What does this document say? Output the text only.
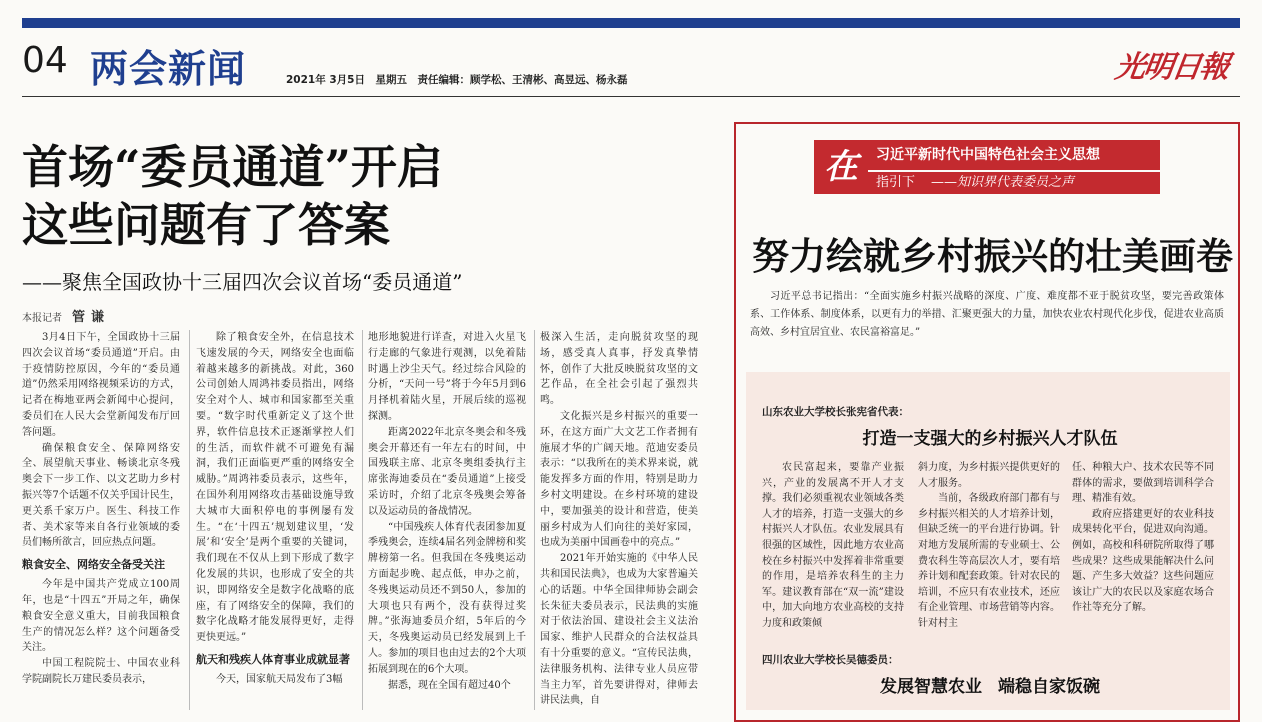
04 两会新闻	2021年 3月5日　星期五　责任编辑：顾学松、王清彬、高昱远、杨永磊	光明日報
首场“委员通道”开启
这些问题有了答案
——聚焦全国政协十三届四次会议首场“委员通道”
本报记者 管谦

3月4日下午，全国政协十三届四次会议首场“委员通道”开启。由于疫情防控原因，今年的“委员通道”仍然采用网络视频采访的方式，记者在梅地亚两会新闻中心提问，委员们在人民大会堂新闻发布厅回答问题。

确保粮食安全、保障网络安全、展望航天事业、畅谈北京冬残奥会下一步工作、以文艺助力乡村振兴等7个话题不仅关乎国计民生，更关系千家万户。医生、科技工作者、美术家等来自各行业领域的委员们畅所欲言，回应热点问题。

粮食安全、网络安全备受关注

今年是中国共产党成立100周年，也是“十四五”开局之年，确保粮食安全意义重大，目前我国粮食生产的情况怎么样？这个问题备受关注。

中国工程院院士、中国农业科学院副院长万建民委员表示，

除了粮食安全外，在信息技术飞速发展的今天，网络安全也面临着越来越多的新挑战。对此，360公司创始人周鸿祎委员指出，网络安全对个人、城市和国家都至关重要。“数字时代重新定义了这个世界，软件信息技术正逐渐掌控人们的生活，而软件就不可避免有漏洞，我们正面临更严重的网络安全威胁。”周鸿祎委员表示，这些年，在国外利用网络攻击基础设施导致大城市大面积停电的事例屡有发生。“在‘十四五’规划建议里，‘发展’和‘安全’是两个重要的关键词，我们现在不仅从上到下形成了数字化发展的共识，也形成了安全的共识，即网络安全是数字化战略的底座，有了网络安全的保障，我们的数字化战略才能发展得更好，走得更快更远。”

航天和残疾人体育事业成就显著

今天，国家航天局发布了3幅

地形地貌进行详查，对进入火星飞行走廊的气象进行观测，以免着陆时遇上沙尘天气。经过综合风险的分析，“天问一号”将于今年5月到6月择机着陆火星，开展后续的巡视探测。

距离2022年北京冬奥会和冬残奥会开幕还有一年左右的时间，中国残联主席、北京冬奥组委执行主席张海迪委员在“委员通道”上接受采访时，介绍了北京冬残奥会筹备以及运动员的备战情况。

“中国残疾人体育代表团参加夏季残奥会，连续4届名列金牌榜和奖牌榜第一名。但我国在冬残奥运动方面起步晚、起点低，申办之前，冬残奥运动员还不到50人，参加的大项也只有两个，没有获得过奖牌。”张海迪委员介绍，5年后的今天，冬残奥运动员已经发展到上千人。参加的项目也由过去的2个大项拓展到现在的6个大项。

据悉，现在全国有超过40个

极深入生活，走向脱贫攻坚的现场，感受真人真事，抒发真挚情怀，创作了大批反映脱贫攻坚的文艺作品，在全社会引起了强烈共鸣。

文化振兴是乡村振兴的重要一环，在这方面广大文艺工作者拥有施展才华的广阔天地。范迪安委员表示：“以我所在的美术界来说，就能发挥多方面的作用，特别是助力乡村文明建设。在乡村环境的建设中，要加强美的设计和营造，使美丽乡村成为人们向往的美好家园，也成为美丽中国画卷中的亮点。”

2021年开始实施的《中华人民共和国民法典》，也成为大家普遍关心的话题。中华全国律师协会副会长朱征夫委员表示，民法典的实施对于依法治国、建设社会主义法治国家、维护人民群众的合法权益具有十分重要的意义。“宣传民法典，法律服务机构、法律专业人员应带当主力军，首先要讲得对，律师去讲民法典，自

在	习近平新时代中国特色社会主义思想
指引下 ——知识界代表委员之声
努力绘就乡村振兴的壮美画卷
习近平总书记指出：“全面实施乡村振兴战略的深度、广度、难度都不亚于脱贫攻坚，要完善政策体系、工作体系、制度体系，以更有力的举措、汇聚更强大的力量，加快农业农村现代化步伐，促进农业高质高效、乡村宜居宜业、农民富裕富足。”
山东农业大学校长张宪省代表：
打造一支强大的乡村振兴人才队伍

农民富起来，要靠产业振兴，产业的发展离不开人才支撑。我们必须重视农业领域各类人才的培养，打造一支强大的乡村振兴人才队伍。农业发展具有很强的区域性，因此地方农业高校在乡村振兴中发挥着非常重要的作用，是培养农科生的主力军。建议教育部在“双一流”建设中，加大向地方农业高校的支持力度和政策倾

斜力度，为乡村振兴提供更好的人才服务。

当前，各级政府部门都有与乡村振兴相关的人才培养计划，但缺乏统一的平台进行协调。针对地方发展所需的专业硕士、公费农科生等高层次人才，要有培养计划和配套政策。针对农民的培训，不应只有农业技术，还应有企业管理、市场营销等内容。针对村主

任、种粮大户、技术农民等不同群体的需求，要做到培训科学合理、精准有效。

政府应搭建更好的农业科技成果转化平台，促进双向沟通。例如，高校和科研院所取得了哪些成果？这些成果能解决什么问题、产生多大效益？这些问题应该让广大的农民以及家庭农场合作社等充分了解。

四川农业大学校长吴德委员：
发展智慧农业 端稳自家饭碗
